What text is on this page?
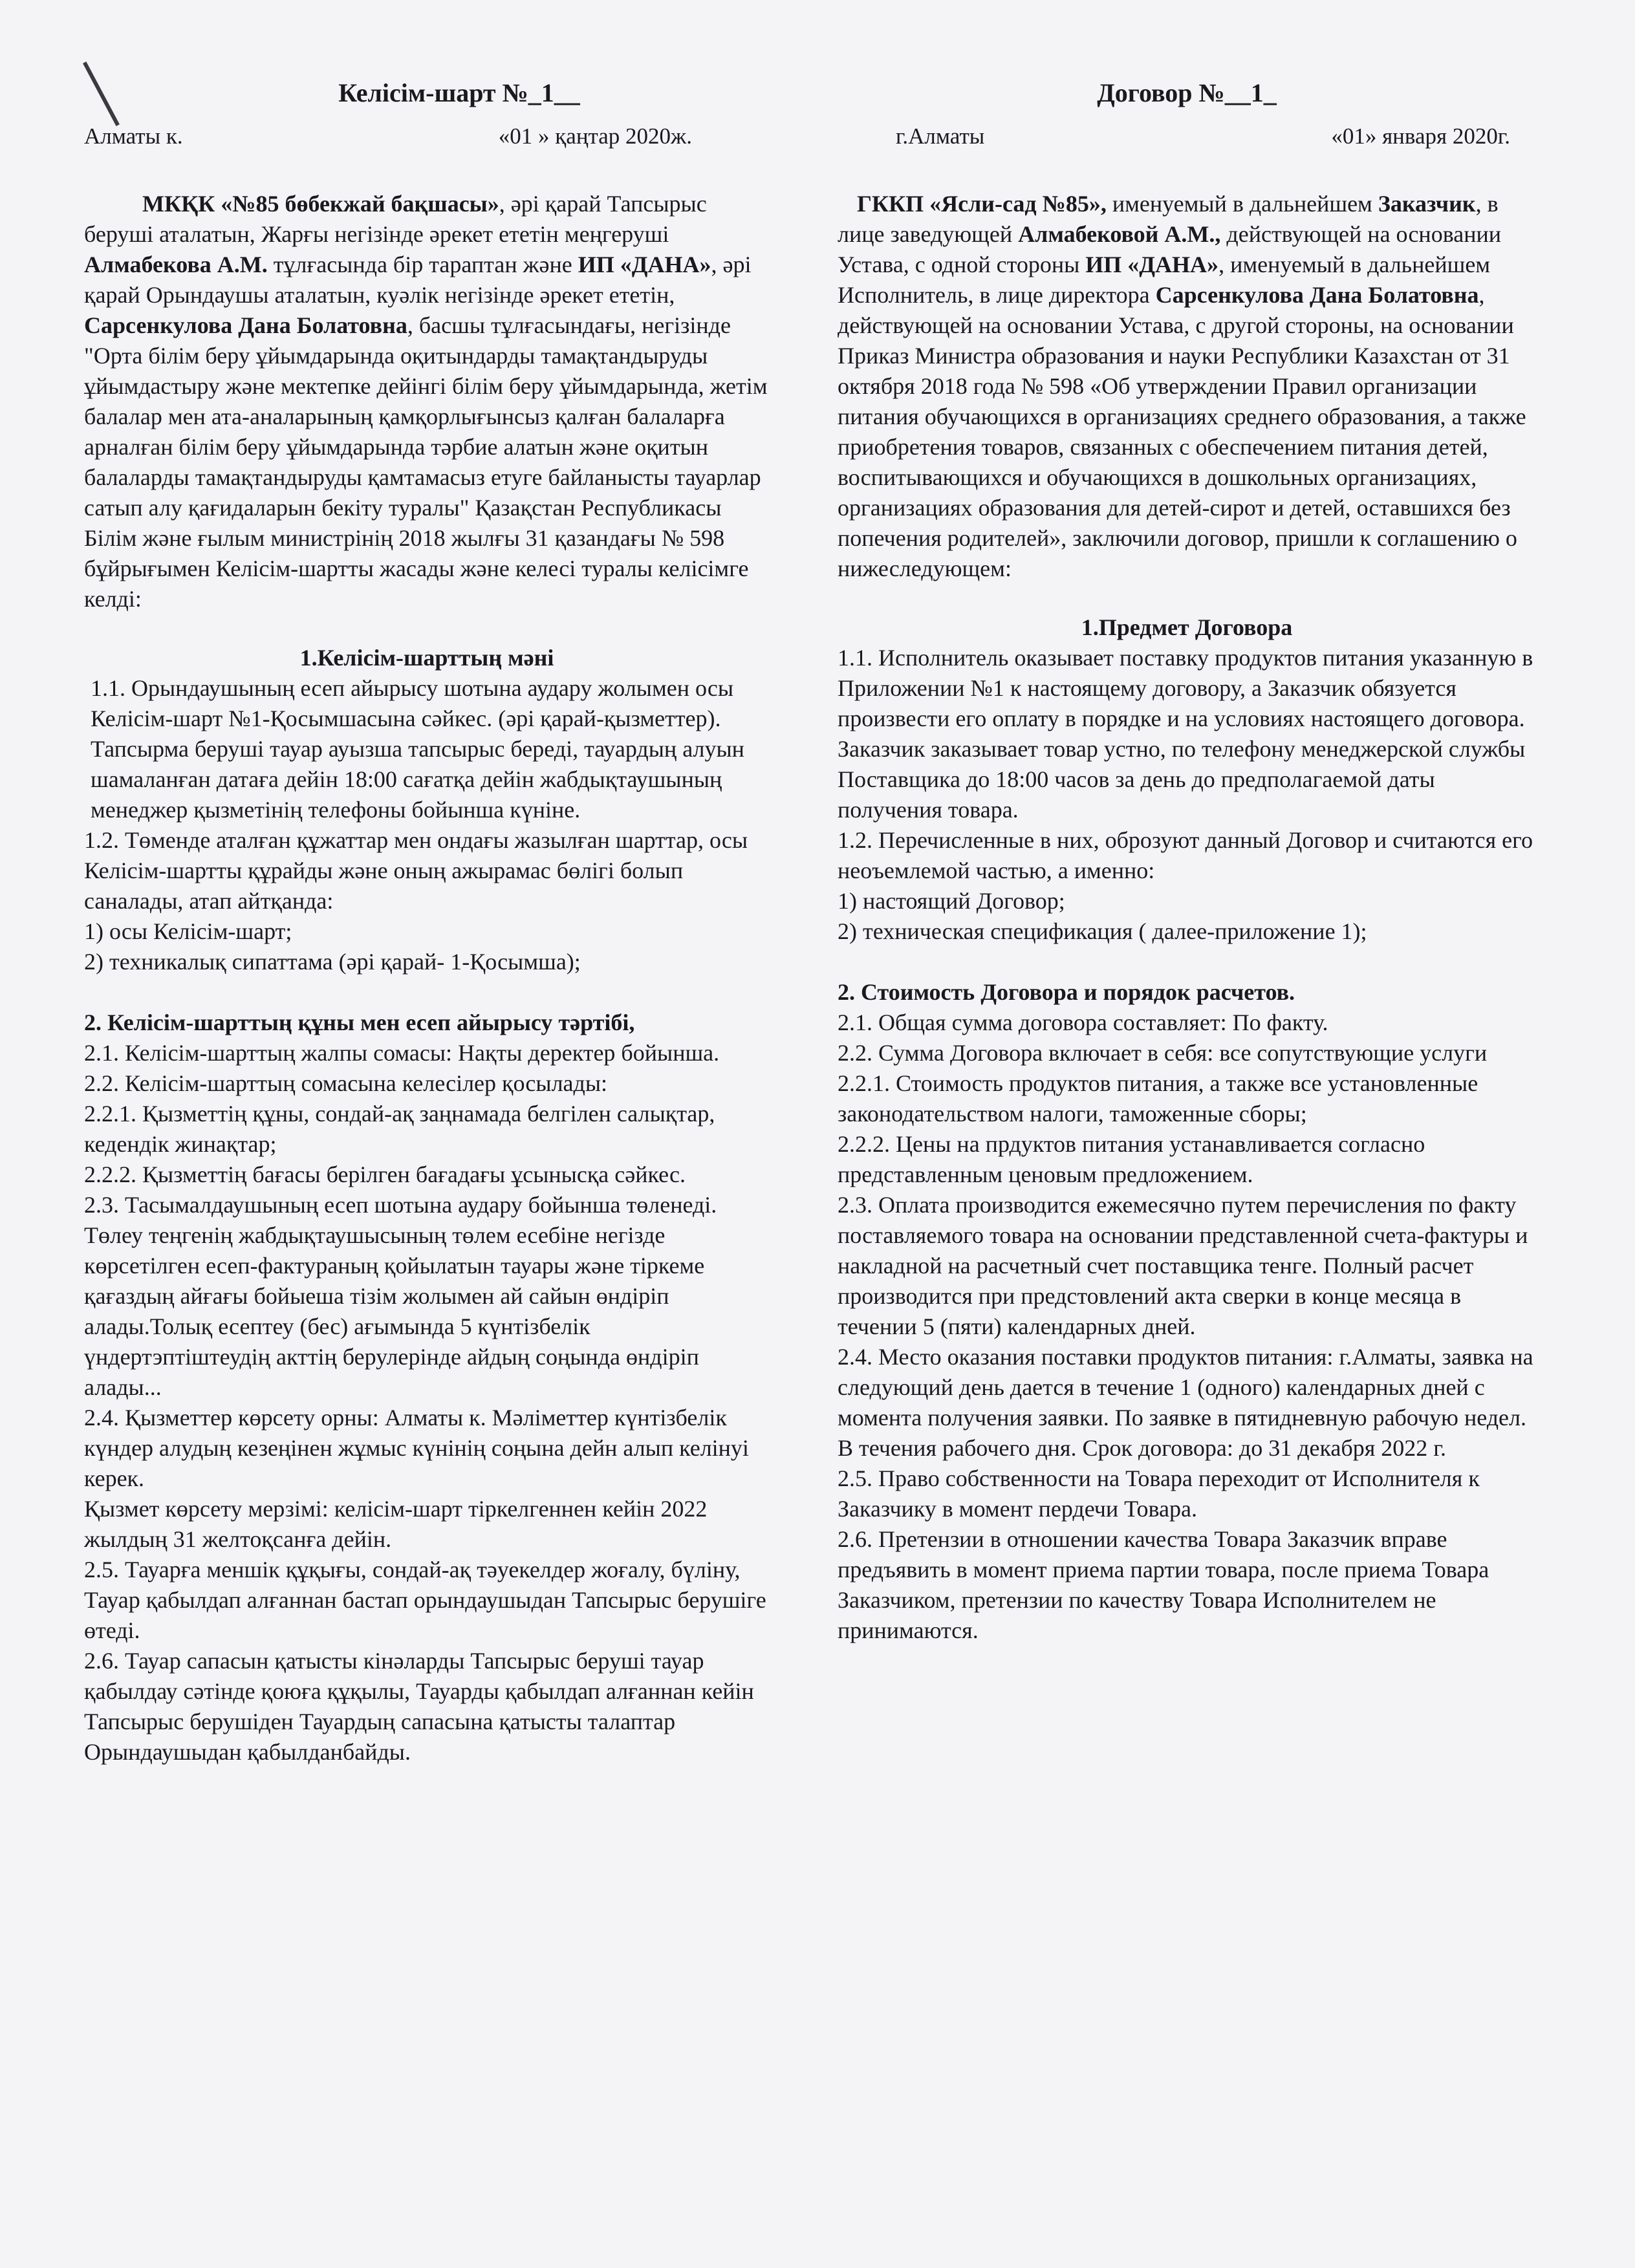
Келісім-шарт №_1__
Алматы к.	«01 » қаңтар 2020ж.

МКҚК «№85 бөбекжай бақшасы», әрі қарай Тапсырыс беруші аталатын, Жарғы негізінде әрекет ететін меңгеруші Алмабекова А.М. тұлғасында бір тараптан және ИП «ДАНА», әрі қарай Орындаушы аталатын, куәлік негізінде әрекет ететін, Сарсенкулова Дана Болатовна, басшы тұлғасындағы, негізінде "Орта білім беру ұйымдарында оқитындарды тамақтандыруды ұйымдастыру және мектепке дейінгі білім беру ұйымдарында, жетім балалар мен ата-аналарының қамқорлығынсыз қалған балаларға арналған білім беру ұйымдарында тәрбие алатын және оқитын балаларды тамақтандыруды қамтамасыз етуге байланысты тауарлар сатып алу қағидаларын бекіту туралы" Қазақстан Республикасы Білім және ғылым министрінің 2018 жылғы 31 қазандағы № 598 бұйрығымен Келісім-шартты жасады және келесі туралы келісімге келді:

1.Келісім-шарттың мәні

1.1. Орындаушының есеп айырысу шотына аудару жолымен осы Келісім-шарт №1-Қосымшасына сәйкес. (әрі қарай-қызметтер). Тапсырма беруші тауар ауызша тапсырыс береді, тауардың алуын шамаланған датаға дейін 18:00 сағатқа дейін жабдықтаушының менеджер қызметінің телефоны бойынша күніне.

1.2. Төменде аталған құжаттар мен ондағы жазылған шарттар, осы Келісім-шартты құрайды және оның ажырамас бөлігі болып саналады, атап айтқанда:

1) осы Келісім-шарт;

2) техникалық сипаттама (әрі қарай- 1-Қосымша);

2. Келісім-шарттың құны мен есеп айырысу тәртібі,

2.1. Келісім-шарттың жалпы сомасы: Нақты деректер бойынша.

2.2. Келісім-шарттың сомасына келесілер қосылады:

2.2.1. Қызметтің құны, сондай-ақ заңнамада белгілен салықтар, кедендік жинақтар;

2.2.2. Қызметтің бағасы берілген бағадағы ұсынысқа сәйкес.

2.3. Тасымалдаушының есеп шотына аудару бойынша төленеді. Төлеу теңгенің жабдықтаушысының төлем есебіне негізде көрсетілген есеп-фактураның қойылатын тауары және тіркеме қағаздың айғағы бойыеша тізім жолымен ай сайын өндіріп алады.Толық есептеу (бес) ағымында 5 күнтізбелік үндертэптіштеудің акттің берулерінде айдың соңында өндіріп алады...

2.4. Қызметтер көрсету орны: Алматы к. Мәліметтер күнтізбелік күндер алудың кезеңінен жұмыс күнінің соңына дейн алып келінуі керек.

Қызмет көрсету мерзімі: келісім-шарт тіркелгеннен кейін 2022 жылдың 31 желтоқсанға дейін.

2.5. Тауарға меншік құқығы, сондай-ақ тәуекелдер жоғалу, бүліну, Тауар қабылдап алғаннан бастап орындаушыдан Тапсырыс берушіге өтеді.

2.6. Тауар сапасын қатысты кінәларды Тапсырыс беруші тауар қабылдау сәтінде қоюға құқылы, Тауарды қабылдап алғаннан кейін Тапсырыс берушіден Тауардың сапасына қатысты талаптар Орындаушыдан қабылданбайды.

Договор №__1_
г.Алматы	«01» января 2020г.

ГККП «Ясли-сад №85», именуемый в дальнейшем Заказчик, в лице заведующей Алмабековой А.М., действующей на основании Устава, с одной стороны ИП «ДАНА», именуемый в дальнейшем Исполнитель, в лице директора Сарсенкулова Дана Болатовна, действующей на основании Устава, с другой стороны, на основании Приказ Министра образования и науки Республики Казахстан от 31 октября 2018 года № 598 «Об утверждении Правил организации питания обучающихся в организациях среднего образования, а также приобретения товаров, связанных с обеспечением питания детей, воспитывающихся и обучающихся в дошкольных организациях, организациях образования для детей-сирот и детей, оставшихся без попечения родителей», заключили договор, пришли к соглашению о нижеследующем:

1.Предмет Договора

1.1. Исполнитель оказывает поставку продуктов питания указанную в Приложении №1 к настоящему договору, а Заказчик обязуется произвести его оплату в порядке и на условиях настоящего договора. Заказчик заказывает товар устно, по телефону менеджерской службы Поставщика до 18:00 часов за день до предполагаемой даты получения товара.

1.2. Перечисленные в них, оброзуют данный Договор и считаются его неоъемлемой частью, а именно:

1) настоящий Договор;

2) техническая спецификация ( далее-приложение 1);

2. Стоимость Договора и порядок расчетов.

2.1. Общая сумма договора составляет: По факту.

2.2. Сумма Договора включает в себя: все сопутствующие услуги

2.2.1. Стоимость продуктов питания, а также все установленные законодательством налоги, таможенные сборы;

2.2.2. Цены на прдуктов питания устанавливается согласно представленным ценовым предложением.

2.3. Оплата производится ежемесячно путем перечисления по факту поставляемого товара на основании представленной счета-фактуры и накладной на расчетный счет поставщика тенге. Полный расчет производится при предстовлений акта сверки в конце месяца в течении 5 (пяти) календарных дней.

2.4. Место оказания поставки продуктов питания: г.Алматы, заявка на следующий день дается в течение 1 (одного) календарных дней с момента получения заявки. По заявке в пятидневную рабочую недел. В течения рабочего дня. Срок договора: до 31 декабря 2022 г.

2.5. Право собственности на Товара переходит от Исполнителя к Заказчику в момент пердечи Товара.

2.6. Претензии в отношении качества Товара Заказчик вправе предъявить в момент приема партии товара, после приема Товара Заказчиком, претензии по качеству Товара Исполнителем не принимаются.
